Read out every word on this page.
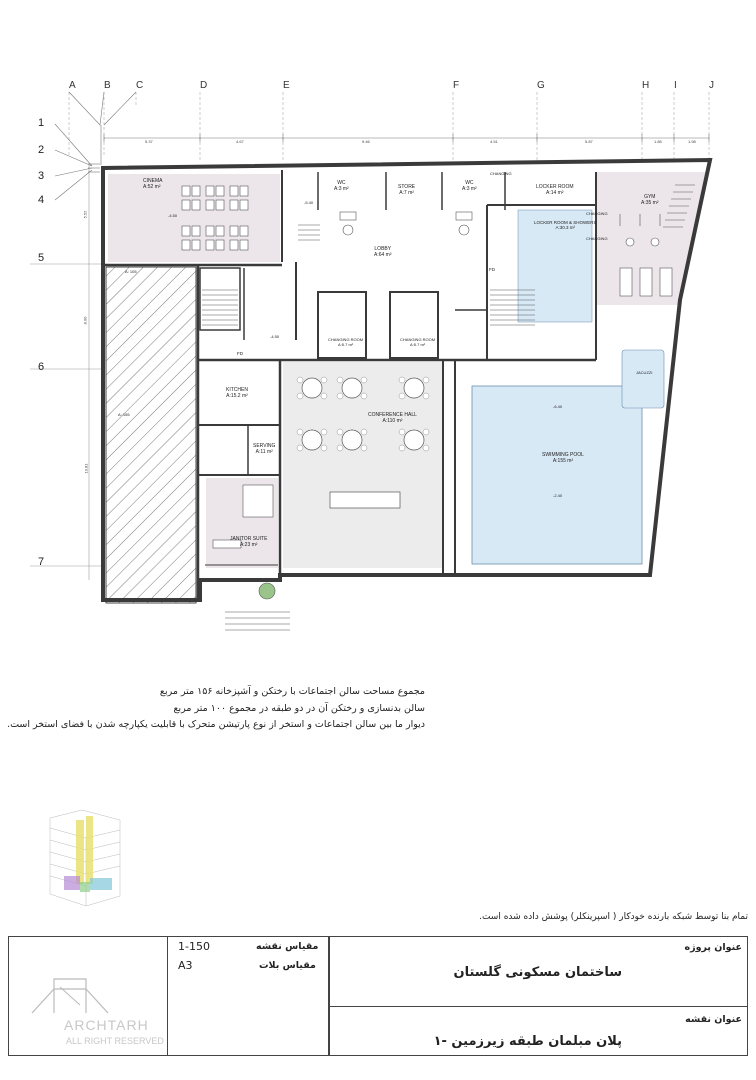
A	B	C	D	E	F	G	H I	J
1
2
3
4
5
6
7
5.37	4.67	9.46	4.51	5.87	1.85	1.98
5.52
8.00
10.81
CINEMA
A:52 m²
WC
A:3 m²	STORE
A:7 m²
WC
A:3 m²
CHANGING
LOCKER ROOM
A:14 m²
LOCKER ROOM & SHOWERS
A:30.3 m²
CHANGING
CHANGING
GYM
A:35 m²
LOBBY
A:64 m²
CHANGING ROOM
A:5.7 m²
CHANGING ROOM
A:5.7 m²
KITCHEN
A:15.2 m²
SERVING
A:11 m²
CONFERENCE HALL
A:110 m²
SWIMMING POOL
A:155 m²
JANITOR SUITE
A:23 m²
A: 105
A: 155
-4.50
-5.40
-4.50
-6.40
-2.40
JACUZZI
FD
FD
مجموع مساحت سالن اجتماعات با رختکن و آشپزخانه ۱۵۶ متر مربع
سالن بدنسازی و رختکن آن در دو طبقه در مجموع ۱۰۰ متر مربع
دیوار ما بین سالن اجتماعات و استخر از نوع پارتیشن متحرک با قابلیت یکپارچه شدن با فضای استخر است.
تمام بنا توسط شبکه بارنده خودکار ( اسپرینکلر) پوشش داده شده است.
مقیاس نقشه
1-150
مقیاس بلات
A3
عنوان پروژه
ساختمان مسکونی گلستان
عنوان نقشه
پلان مبلمان طبقه زیرزمین -۱
ARCHTARH
ALL RIGHT RESERVED
